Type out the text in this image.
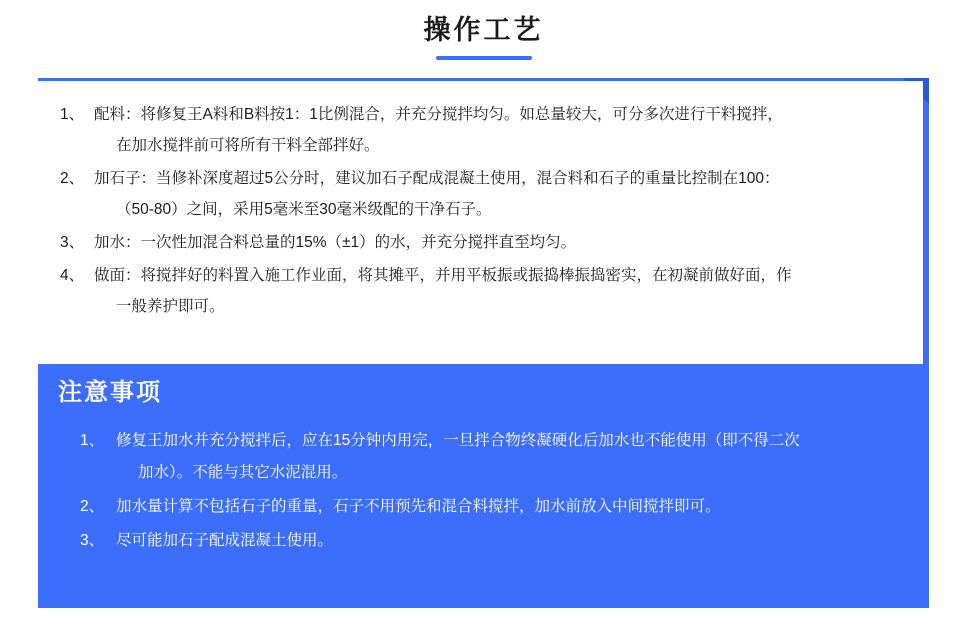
操作工艺
1、 配料：将修复王A料和B料按1：1比例混合，并充分搅拌均匀。如总量较大，可分多次进行干料搅拌，
在加水搅拌前可将所有干料全部拌好。
2、 加石子：当修补深度超过5公分时，建议加石子配成混凝土使用，混合料和石子的重量比控制在100：
（50-80）之间，采用5毫米至30毫米级配的干净石子。
3、 加水：一次性加混合料总量的15%（±1）的水，并充分搅拌直至均匀。
4、 做面：将搅拌好的料置入施工作业面，将其摊平，并用平板振或振捣棒振捣密实，在初凝前做好面，作
一般养护即可。
注意事项
1、 修复王加水并充分搅拌后，应在15分钟内用完，一旦拌合物终凝硬化后加水也不能使用（即不得二次
加水）。不能与其它水泥混用。
2、 加水量计算不包括石子的重量，石子不用预先和混合料搅拌，加水前放入中间搅拌即可。
3、 尽可能加石子配成混凝土使用。
